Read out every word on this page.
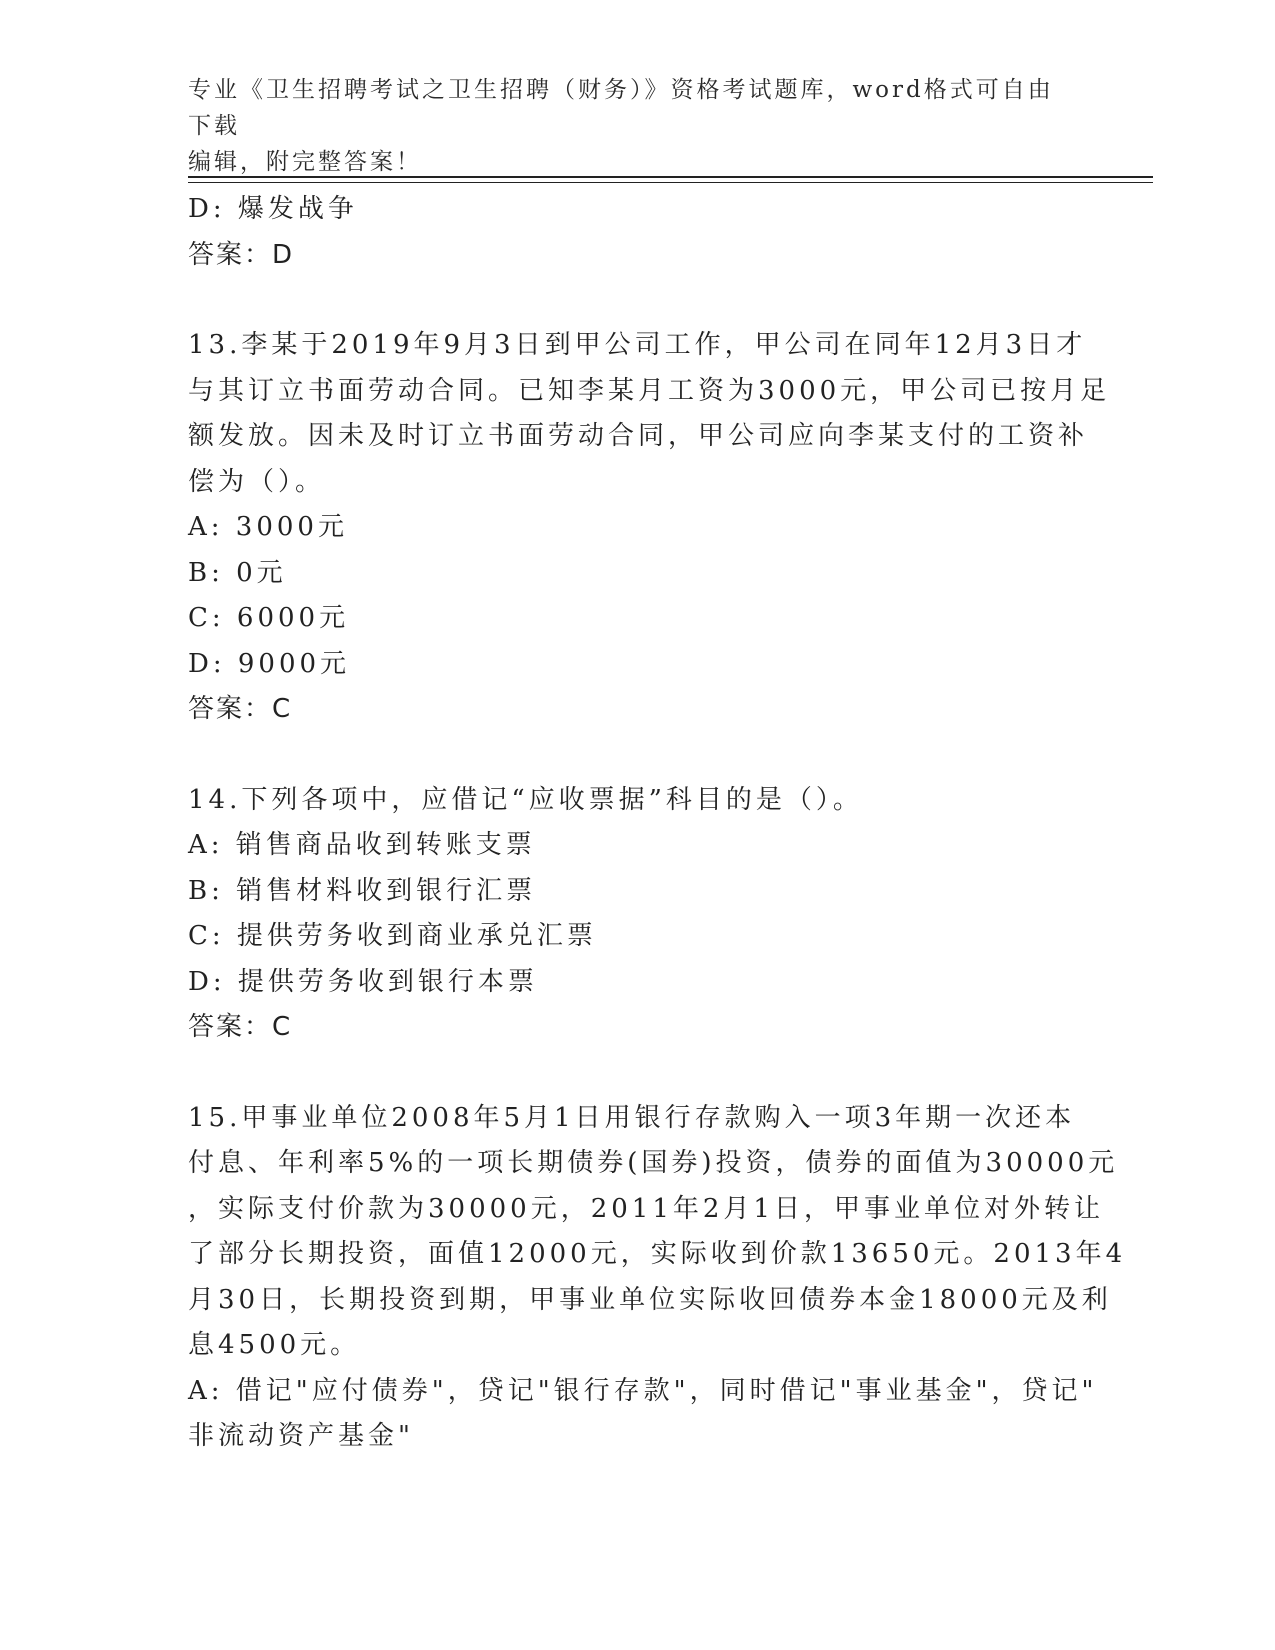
专业《卫生招聘考试之卫生招聘（财务）》资格考试题库，word格式可自由下载
编辑，附完整答案！

D: 爆发战争

答案：D

13.李某于2019年9月3日到甲公司工作，甲公司在同年12月3日才

与其订立书面劳动合同。已知李某月工资为3000元，甲公司已按月足

额发放。因未及时订立书面劳动合同，甲公司应向李某支付的工资补

偿为（）。

A: 3000元

B: 0元

C: 6000元

D: 9000元

答案：C

14.下列各项中，应借记“应收票据”科目的是（）。

A: 销售商品收到转账支票

B: 销售材料收到银行汇票

C: 提供劳务收到商业承兑汇票

D: 提供劳务收到银行本票

答案：C

15.甲事业单位2008年5月1日用银行存款购入一项3年期一次还本

付息、年利率5%的一项长期债券(国券)投资，债券的面值为30000元

，实际支付价款为30000元，2011年2月1日，甲事业单位对外转让

了部分长期投资，面值12000元，实际收到价款13650元。2013年4

月30日，长期投资到期，甲事业单位实际收回债券本金18000元及利

息4500元。

A: 借记"应付债券"，贷记"银行存款"，同时借记"事业基金"，贷记"

非流动资产基金"
